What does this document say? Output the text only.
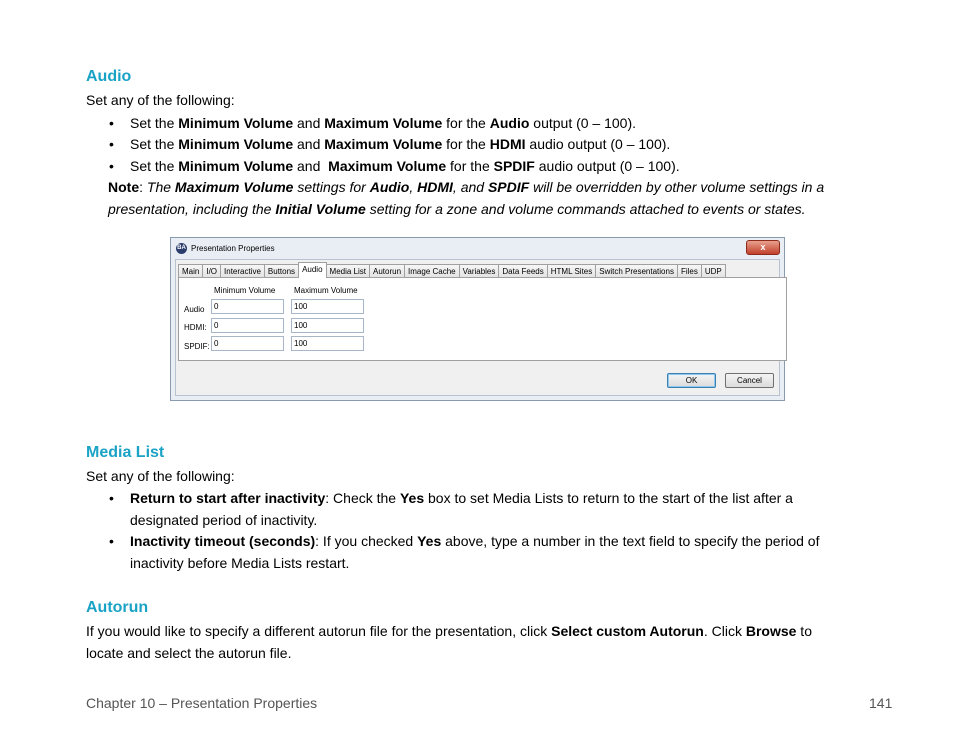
Audio
Set any of the following:
• Set the Minimum Volume and Maximum Volume for the Audio output (0 – 100).
• Set the Minimum Volume and Maximum Volume for the HDMI audio output (0 – 100).
• Set the Minimum Volume and  Maximum Volume for the SPDIF audio output (0 – 100).
Note: The Maximum Volume settings for Audio, HDMI, and SPDIF will be overridden by other volume settings in a
presentation, including the Initial Volume setting for a zone and volume commands attached to events or states.
BA Presentation Properties	x
Main I/O Interactive Buttons Audio Media List Autorun Image Cache Variables Data Feeds HTML Sites Switch Presentations Files UDP
Minimum Volume Maximum Volume
Audio	0	100
HDMI: 0	100
SPDIF: 0	100
OK	Cancel
Media List
Set any of the following:
• Return to start after inactivity: Check the Yes box to set Media Lists to return to the start of the list after a
designated period of inactivity.
• Inactivity timeout (seconds): If you checked Yes above, type a number in the text field to specify the period of
inactivity before Media Lists restart.
Autorun
If you would like to specify a different autorun file for the presentation, click Select custom Autorun. Click Browse to
locate and select the autorun file.
Chapter 10 – Presentation Properties	141
